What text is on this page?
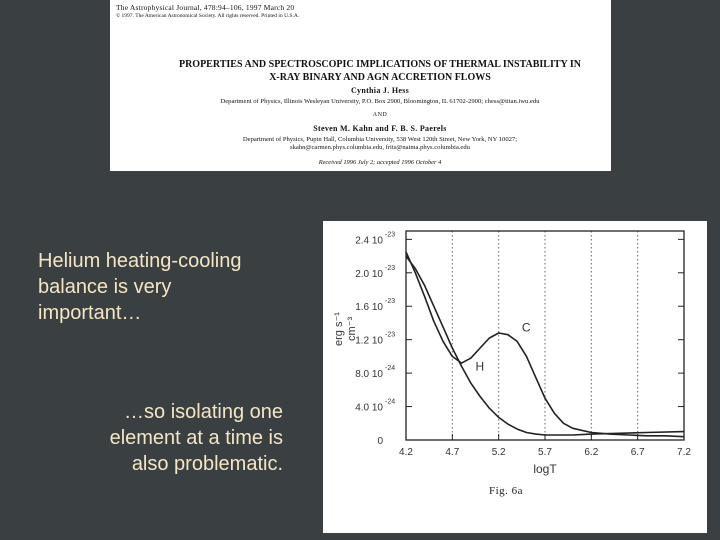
The Astrophysical Journal, 478:94–106, 1997 March 20
© 1997. The American Astronomical Society. All rights reserved. Printed in U.S.A.
PROPERTIES AND SPECTROSCOPIC IMPLICATIONS OF THERMAL INSTABILITY IN
X-RAY BINARY AND AGN ACCRETION FLOWS
Cynthia J. Hess
Department of Physics, Illinois Wesleyan University, P.O. Box 2900, Bloomington, IL 61702-2900; chess@titan.iwu.edu
AND
Steven M. Kahn and F. B. S. Paerels
Department of Physics, Pupin Hall, Columbia University, 538 West 120th Street, New York, NY 10027;
skahn@carmen.phys.columbia.edu, frits@naima.phys.columbia.edu
Received 1996 July 2; accepted 1996 October 4
Helium heating-cooling
balance is very
important…
…so isolating one
element at a time is
also problematic.
2.4 10
-23
2.0 10
-23
1.6 10
-23
1.2 10
-23
8.0 10
-24
4.0 10
-24
0
4.2	4.7	5.2	5.7	6.2	6.7	7.2
logT
C
H
erg s⁻¹ cm⁻³
Fig. 6a
